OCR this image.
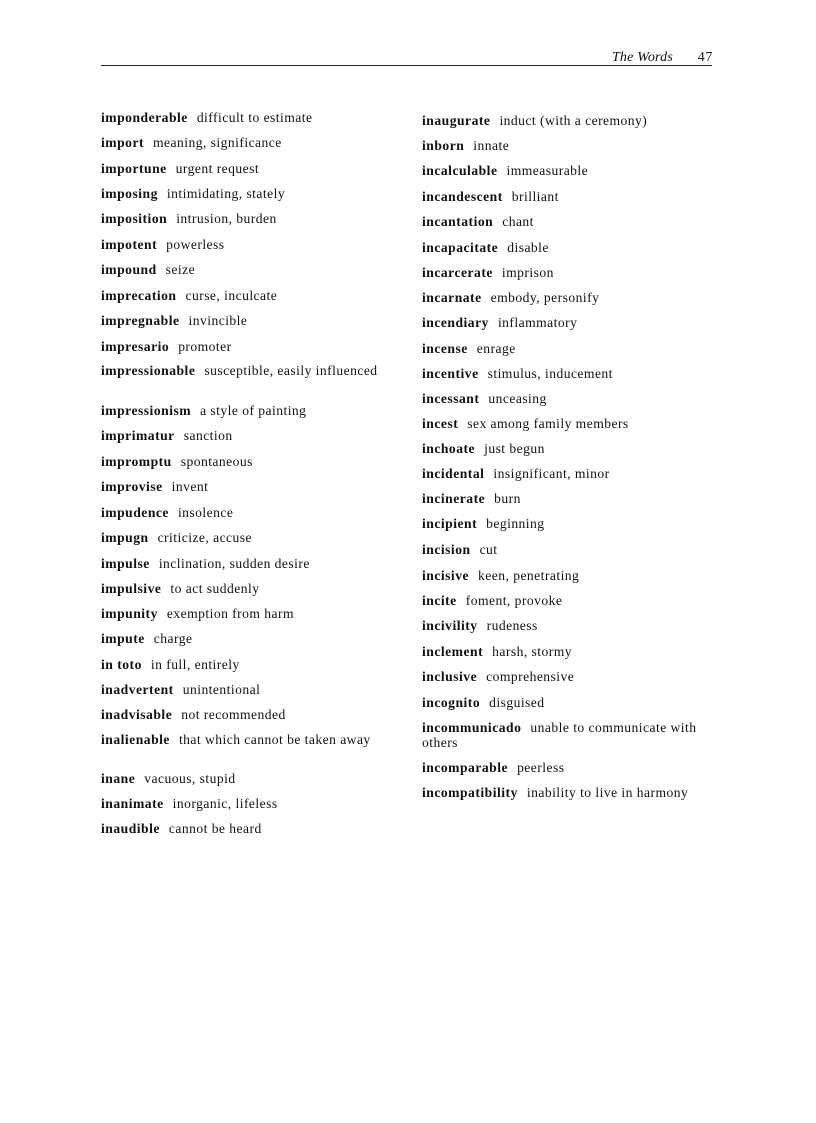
The Words 47
imponderable difficult to estimate
import meaning, significance
importune urgent request
imposing intimidating, stately
imposition intrusion, burden
impotent powerless
impound seize
imprecation curse, inculcate
impregnable invincible
impresario promoter
impressionable susceptible, easily influenced
impressionism a style of painting
imprimatur sanction
impromptu spontaneous
improvise invent
impudence insolence
impugn criticize, accuse
impulse inclination, sudden desire
impulsive to act suddenly
impunity exemption from harm
impute charge
in toto in full, entirely
inadvertent unintentional
inadvisable not recommended
inalienable that which cannot be taken away
inane vacuous, stupid
inanimate inorganic, lifeless
inaudible cannot be heard
inaugurate induct (with a ceremony)
inborn innate
incalculable immeasurable
incandescent brilliant
incantation chant
incapacitate disable
incarcerate imprison
incarnate embody, personify
incendiary inflammatory
incense enrage
incentive stimulus, inducement
incessant unceasing
incest sex among family members
inchoate just begun
incidental insignificant, minor
incinerate burn
incipient beginning
incision cut
incisive keen, penetrating
incite foment, provoke
incivility rudeness
inclement harsh, stormy
inclusive comprehensive
incognito disguised
incommunicado unable to communicate with others
incomparable peerless
incompatibility inability to live in harmony
